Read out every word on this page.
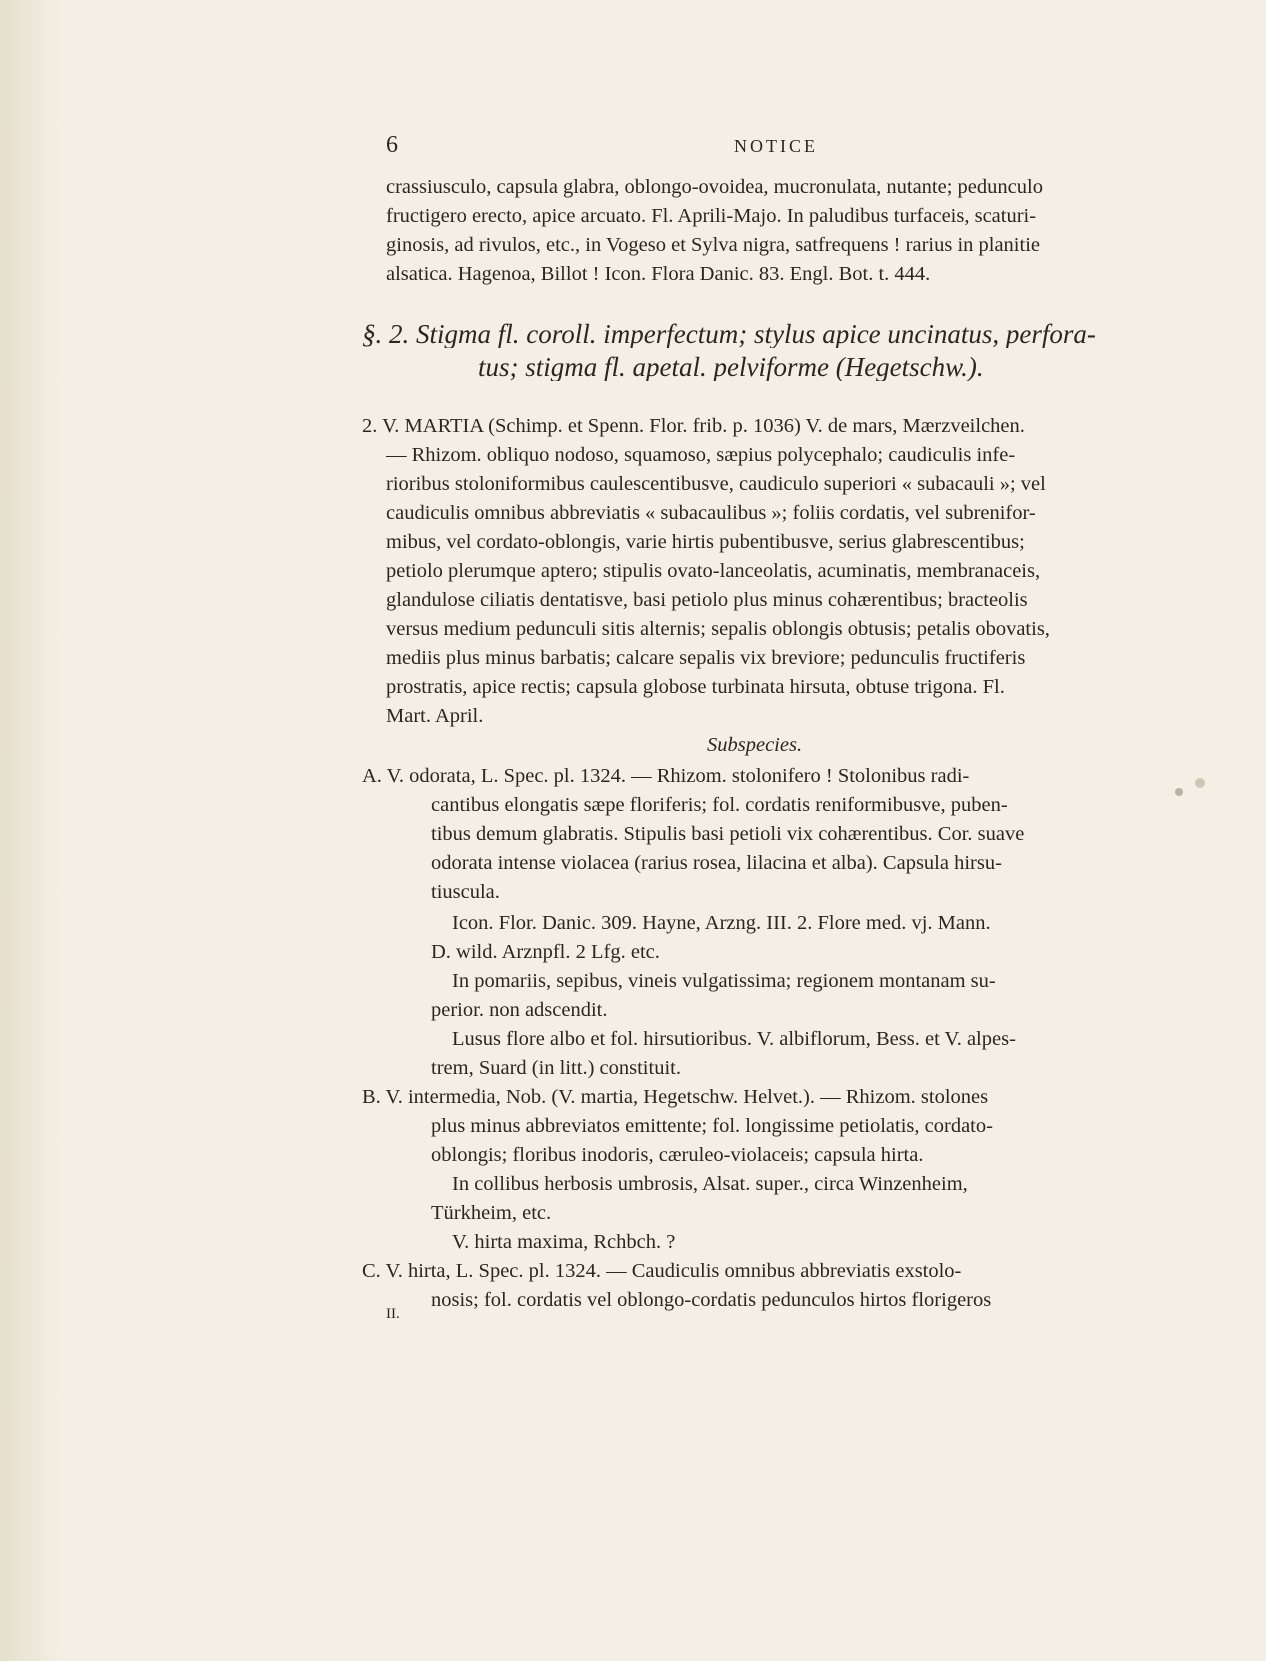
6	NOTICE
crassiusculo, capsula glabra, oblongo-ovoidea, mucronulata, nutante; pedunculo
fructigero erecto, apice arcuato. Fl. Aprili-Majo. In paludibus turfaceis, scaturi-
ginosis, ad rivulos, etc., in Vogeso et Sylva nigra, satfrequens ! rarius in planitie
alsatica. Hagenoa, Billot ! Icon. Flora Danic. 83. Engl. Bot. t. 444.
§. 2. Stigma fl. coroll. imperfectum; stylus apice uncinatus, perfora-
tus; stigma fl. apetal. pelviforme (Hegetschw.).
2. V. MARTIA (Schimp. et Spenn. Flor. frib. p. 1036) V. de mars, Mærzveilchen.
— Rhizom. obliquo nodoso, squamoso, sæpius polycephalo; caudiculis infe-
rioribus stoloniformibus caulescentibusve, caudiculo superiori « subacauli »; vel
caudiculis omnibus abbreviatis « subacaulibus »; foliis cordatis, vel subrenifor-
mibus, vel cordato-oblongis, varie hirtis pubentibusve, serius glabrescentibus;
petiolo plerumque aptero; stipulis ovato-lanceolatis, acuminatis, membranaceis,
glandulose ciliatis dentatisve, basi petiolo plus minus cohærentibus; bracteolis
versus medium pedunculi sitis alternis; sepalis oblongis obtusis; petalis obovatis,
mediis plus minus barbatis; calcare sepalis vix breviore; pedunculis fructiferis
prostratis, apice rectis; capsula globose turbinata hirsuta, obtuse trigona. Fl.
Mart. April.
Subspecies.
A. V. odorata, L. Spec. pl. 1324. — Rhizom. stolonifero ! Stolonibus radi-
cantibus elongatis sæpe floriferis; fol. cordatis reniformibusve, puben-
tibus demum glabratis. Stipulis basi petioli vix cohærentibus. Cor. suave
odorata intense violacea (rarius rosea, lilacina et alba). Capsula hirsu-
tiuscula.
Icon. Flor. Danic. 309. Hayne, Arzng. III. 2. Flore med. vj. Mann.
D. wild. Arznpfl. 2 Lfg. etc.
In pomariis, sepibus, vineis vulgatissima; regionem montanam su-
perior. non adscendit.
Lusus flore albo et fol. hirsutioribus. V. albiflorum, Bess. et V. alpes-
trem, Suard (in litt.) constituit.
B. V. intermedia, Nob. (V. martia, Hegetschw. Helvet.). — Rhizom. stolones
plus minus abbreviatos emittente; fol. longissime petiolatis, cordato-
oblongis; floribus inodoris, cæruleo-violaceis; capsula hirta.
In collibus herbosis umbrosis, Alsat. super., circa Winzenheim,
Türkheim, etc.
V. hirta maxima, Rchbch. ?
C. V. hirta, L. Spec. pl. 1324. — Caudiculis omnibus abbreviatis exstolo-
nosis; fol. cordatis vel oblongo-cordatis pedunculos hirtos florigeros
II.
